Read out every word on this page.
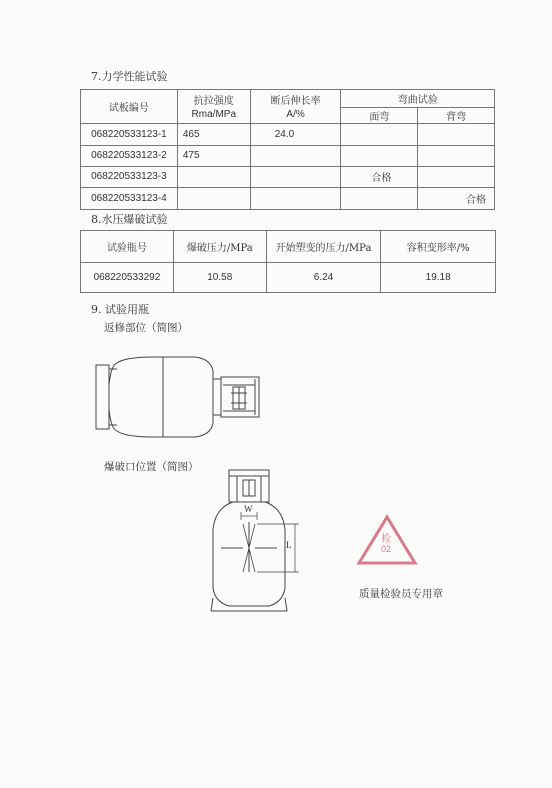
7.力学性能试验
试板编号	抗拉强度	断后伸长率	弯曲试验	
	Rma/MPa	A/%	面弯	背弯
068220533123-1	465	24.0		
068220533123-2	475			
068220533123-3			合格	
068220533123-4				合格
8.水压爆破试验
试验瓶号	爆破压力/MPa	开始塑变的压力/MPa	容积变形率/%
068220533292	10.58	6.24	19.18
9. 试验用瓶
返修部位（简图）
爆破口位置（简图）
W
L	检
02
质量检验员专用章
